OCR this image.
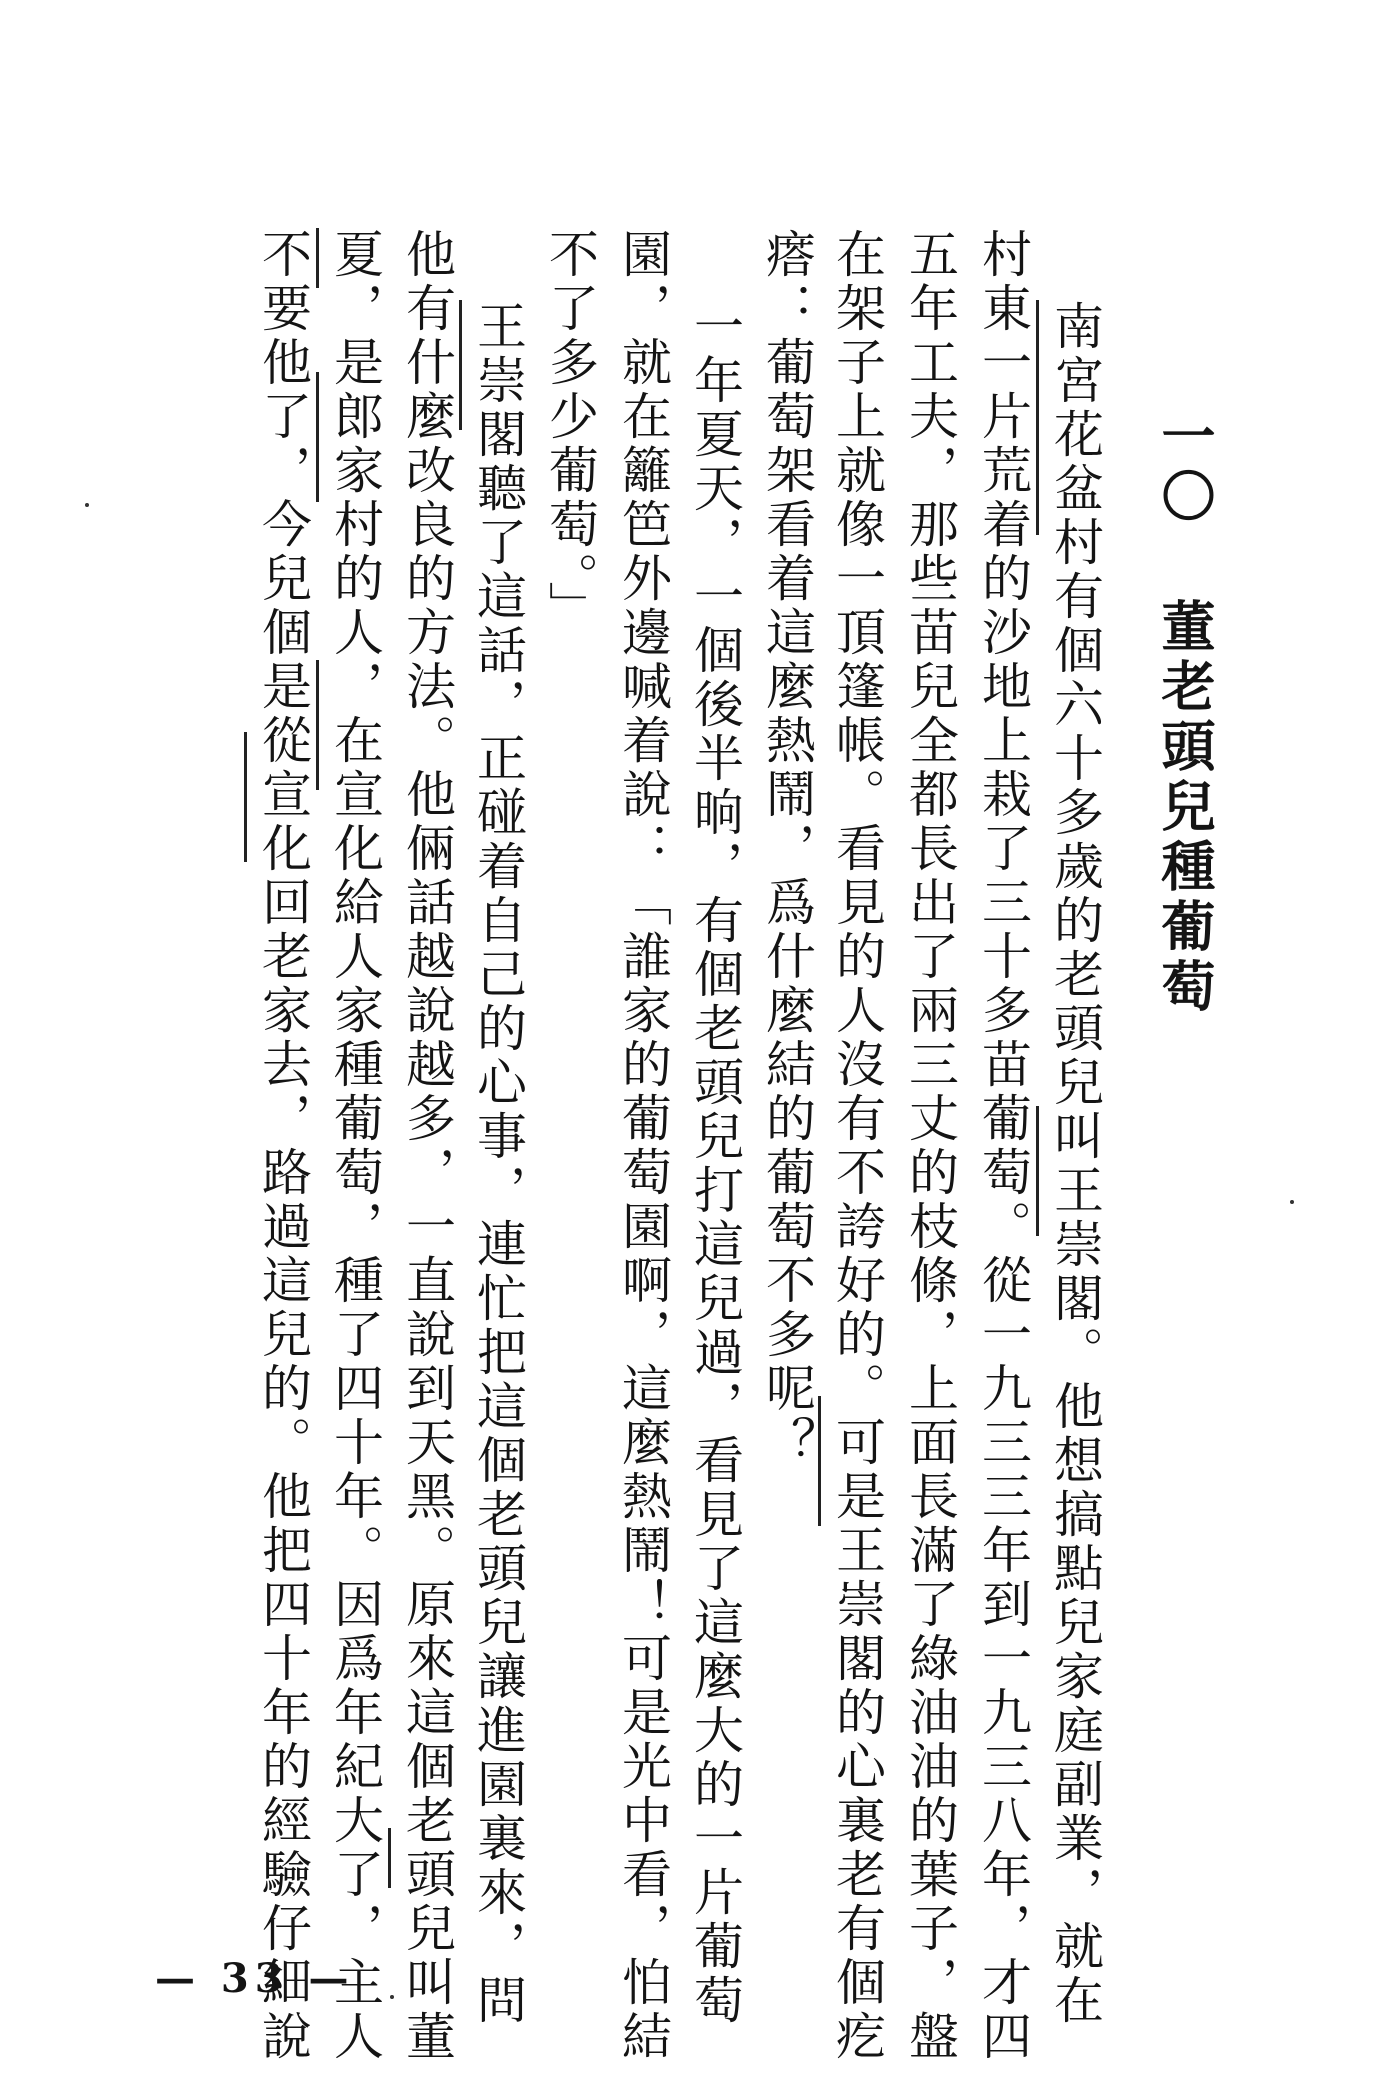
一〇 董老頭兒種葡萄
南宮花盆村有個六十多歲的老頭兒叫王崇閣。他想搞點兒家庭副業，就在
村東一片荒着的沙地上栽了三十多苗葡萄。從一九三三年到一九三八年，才四
五年工夫，那些苗兒全都長出了兩三丈的枝條，上面長滿了綠油油的葉子，盤
在架子上就像一頂篷帳。看見的人沒有不誇好的。可是王崇閣的心裏老有個疙
瘩：葡萄架看着這麼熱鬧，爲什麼結的葡萄不多呢？
一年夏天，一個後半晌，有個老頭兒打這兒過，看見了這麼大的一片葡萄
園，就在籬笆外邊喊着說：「誰家的葡萄園啊，這麼熱鬧！可是光中看，怕結
不了多少葡萄。」
王崇閣聽了這話，正碰着自己的心事，連忙把這個老頭兒讓進園裏來，問
他有什麼改良的方法。他倆話越說越多，一直說到天黑。原來這個老頭兒叫董
夏，是郎家村的人，在宣化給人家種葡萄，種了四十年。因爲年紀大了，主人
不要他了，今兒個是從宣化回老家去，路過這兒的。他把四十年的經驗仔細說
— 33 —
